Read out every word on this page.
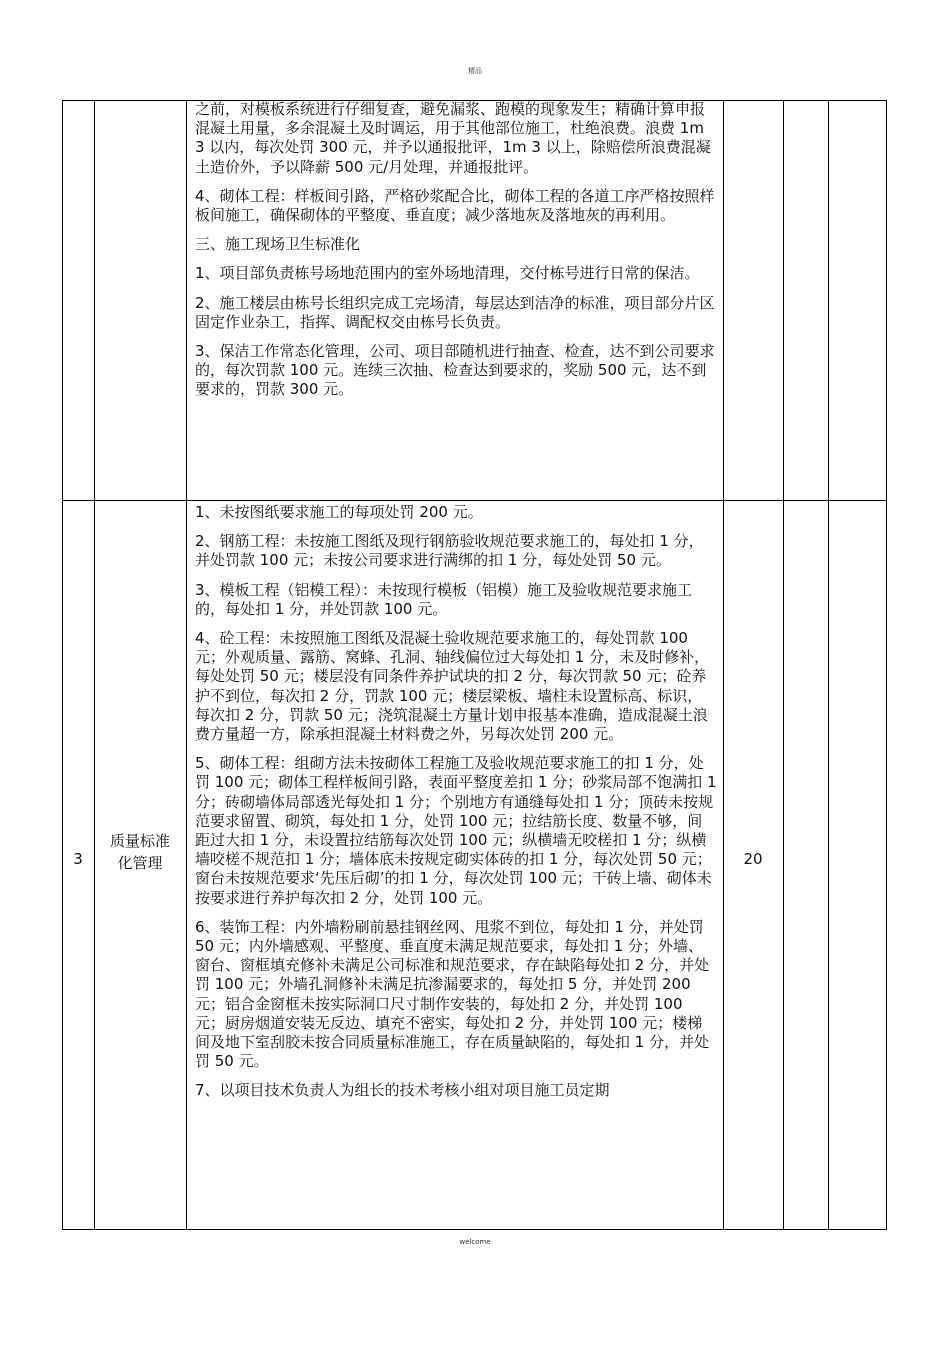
精品

之前，对模板系统进行仔细复查，避免漏浆、跑模的现象发生；精确计算申报混凝土用量，多余混凝土及时调运，用于其他部位施工，杜绝浪费。浪费 1m 3 以内，每次处罚 300 元，并予以通报批评，1m 3 以上，除赔偿所浪费混凝土造价外，予以降薪 500 元/月处理，并通报批评。

4、砌体工程：样板间引路，严格砂浆配合比，砌体工程的各道工序严格按照样板间施工，确保砌体的平整度、垂直度；减少落地灰及落地灰的再利用。

三、施工现场卫生标准化

1、项目部负责栋号场地范围内的室外场地清理，交付栋号进行日常的保洁。

2、施工楼层由栋号长组织完成工完场清，每层达到洁净的标准，项目部分片区固定作业杂工，指挥、调配权交由栋号长负责。

3、保洁工作常态化管理，公司、项目部随机进行抽查、检查，达不到公司要求的，每次罚款 100 元。连续三次抽、检查达到要求的，奖励 500 元，达不到要求的，罚款 300 元。

3
质量标准化管理	20

1、未按图纸要求施工的每项处罚 200 元。

2、钢筋工程：未按施工图纸及现行钢筋验收规范要求施工的，每处扣 1 分，并处罚款 100 元；未按公司要求进行满绑的扣 1 分，每处处罚 50 元。

3、模板工程（铝模工程）：未按现行模板（铝模）施工及验收规范要求施工的，每处扣 1 分，并处罚款 100 元。

4、砼工程：未按照施工图纸及混凝土验收规范要求施工的，每处罚款 100 元；外观质量、露筋、窝蜂、孔洞、轴线偏位过大每处扣 1 分，未及时修补，每处处罚 50 元；楼层没有同条件养护试块的扣 2 分，每次罚款 50 元；砼养护不到位，每次扣 2 分，罚款 100 元；楼层梁板、墙柱未设置标高、标识，每次扣 2 分，罚款 50 元；浇筑混凝土方量计划申报基本准确，造成混凝土浪费方量超一方，除承担混凝土材料费之外，另每次处罚 200 元。

5、砌体工程：组砌方法未按砌体工程施工及验收规范要求施工的扣 1 分，处罚 100 元；砌体工程样板间引路，表面平整度差扣 1 分；砂浆局部不饱满扣 1 分；砖砌墙体局部透光每处扣 1 分；个别地方有通缝每处扣 1 分；顶砖未按规范要求留置、砌筑，每处扣 1 分，处罚 100 元；拉结筋长度、数量不够，间距过大扣 1 分，未设置拉结筋每次处罚 100 元；纵横墙无咬槎扣 1 分；纵横墙咬槎不规范扣 1 分；墙体底未按规定砌实体砖的扣 1 分，每次处罚 50 元；窗台未按规范要求‘先压后砌’的扣 1 分，每次处罚 100 元；干砖上墙、砌体未按要求进行养护每次扣 2 分，处罚 100 元。

6、装饰工程：内外墙粉刷前悬挂钢丝网、甩浆不到位，每处扣 1 分，并处罚 50 元；内外墙感观、平整度、垂直度未满足规范要求，每处扣 1 分；外墙、窗台、窗框填充修补未满足公司标准和规范要求，存在缺陷每处扣 2 分，并处罚 100 元；外墙孔洞修补未满足抗渗漏要求的，每处扣 5 分，并处罚 200 元；铝合金窗框未按实际洞口尺寸制作安装的，每处扣 2 分，并处罚 100 元；厨房烟道安装无反边、填充不密实，每处扣 2 分，并处罚 100 元；楼梯间及地下室刮胶未按合同质量标准施工，存在质量缺陷的，每处扣 1 分，并处罚 50 元。

7、以项目技术负责人为组长的技术考核小组对项目施工员定期

welcome
